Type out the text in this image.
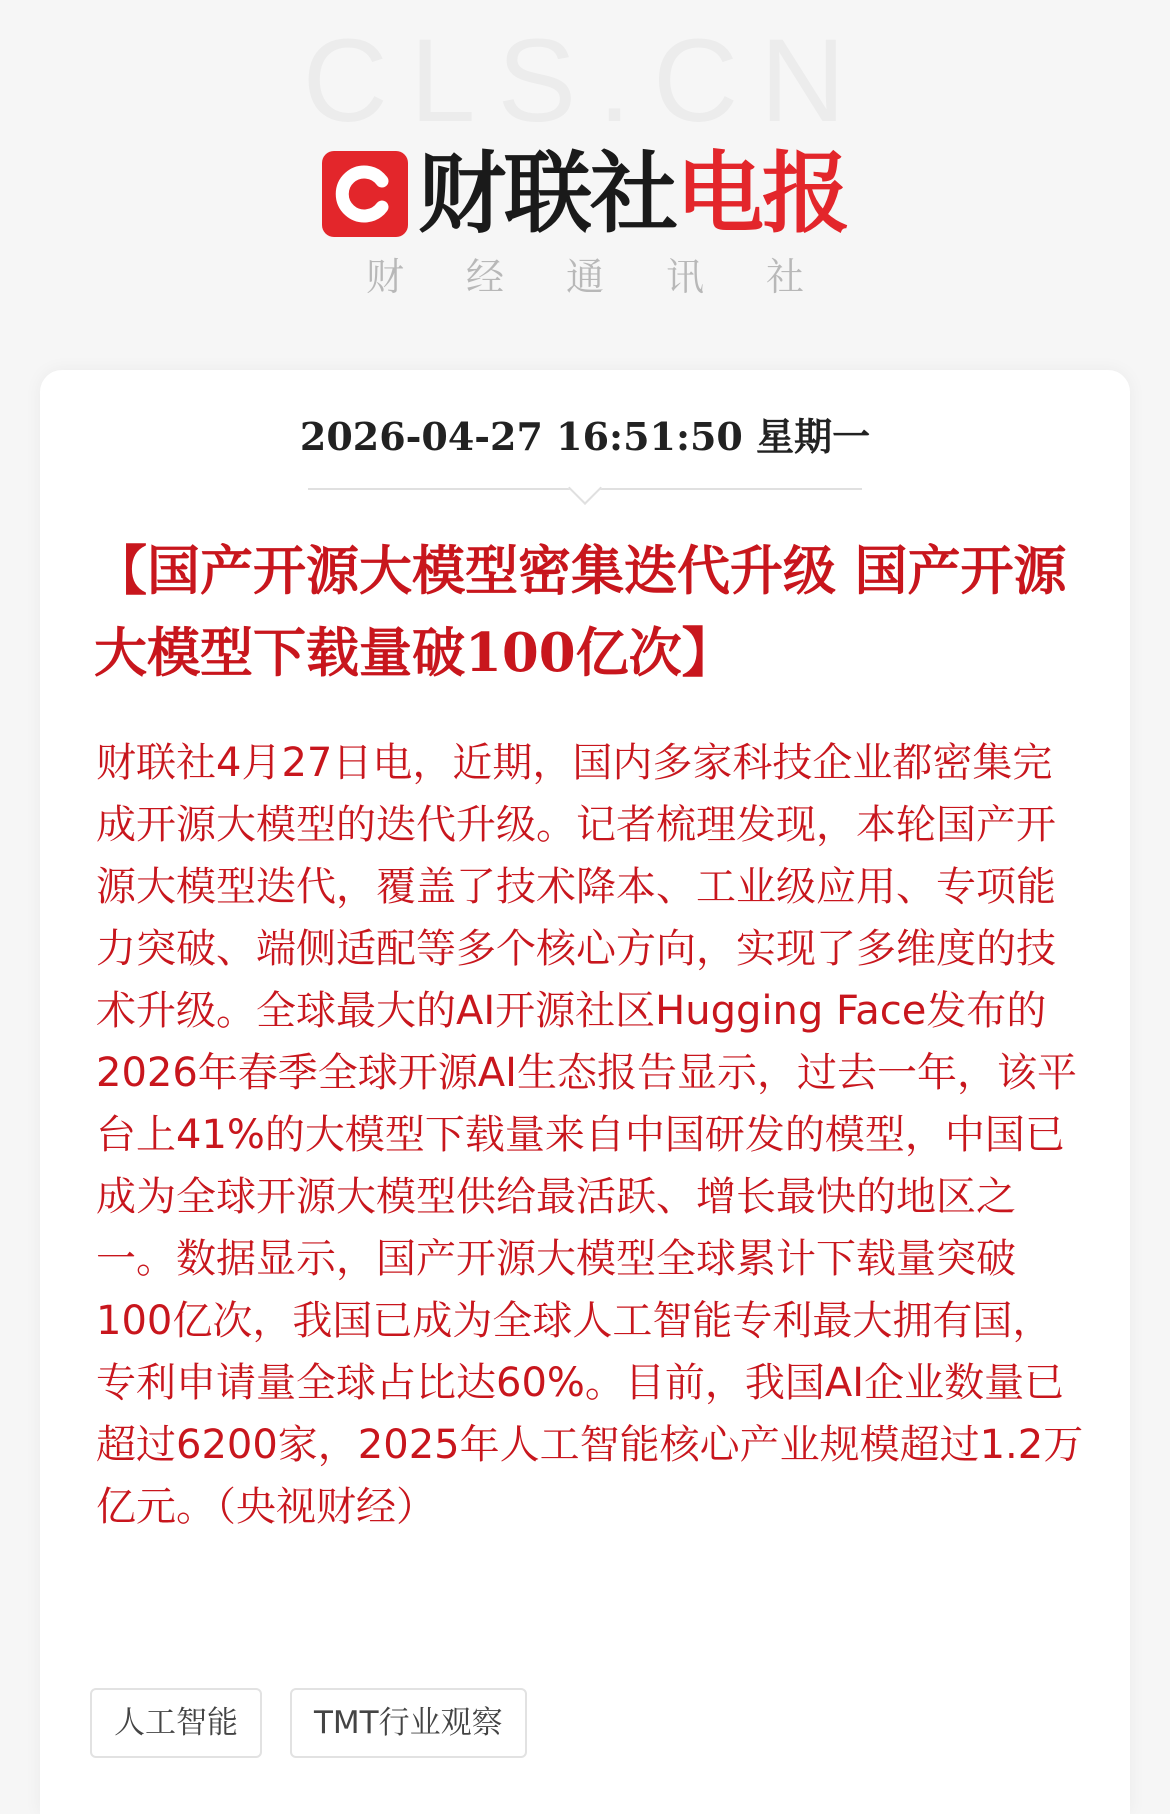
CLS.CN
财联社电报
财经通讯社
2026-04-27 16:51:50 星期一
【国产开源大模型密集迭代升级 国产开源大模型下载量破100亿次】

财联社4月27日电，近期，国内多家科技企业都密集完成开源大模型的迭代升级。记者梳理发现，本轮国产开源大模型迭代，覆盖了技术降本、工业级应用、专项能力突破、端侧适配等多个核心方向，实现了多维度的技术升级。全球最大的AI开源社区Hugging Face发布的2026年春季全球开源AI生态报告显示，过去一年，该平台上41%的大模型下载量来自中国研发的模型，中国已成为全球开源大模型供给最活跃、增长最快的地区之一。数据显示，国产开源大模型全球累计下载量突破100亿次，我国已成为全球人工智能专利最大拥有国，专利申请量全球占比达60%。目前，我国AI企业数量已超过6200家，2025年人工智能核心产业规模超过1.2万亿元。（央视财经）

人工智能	TMT行业观察
